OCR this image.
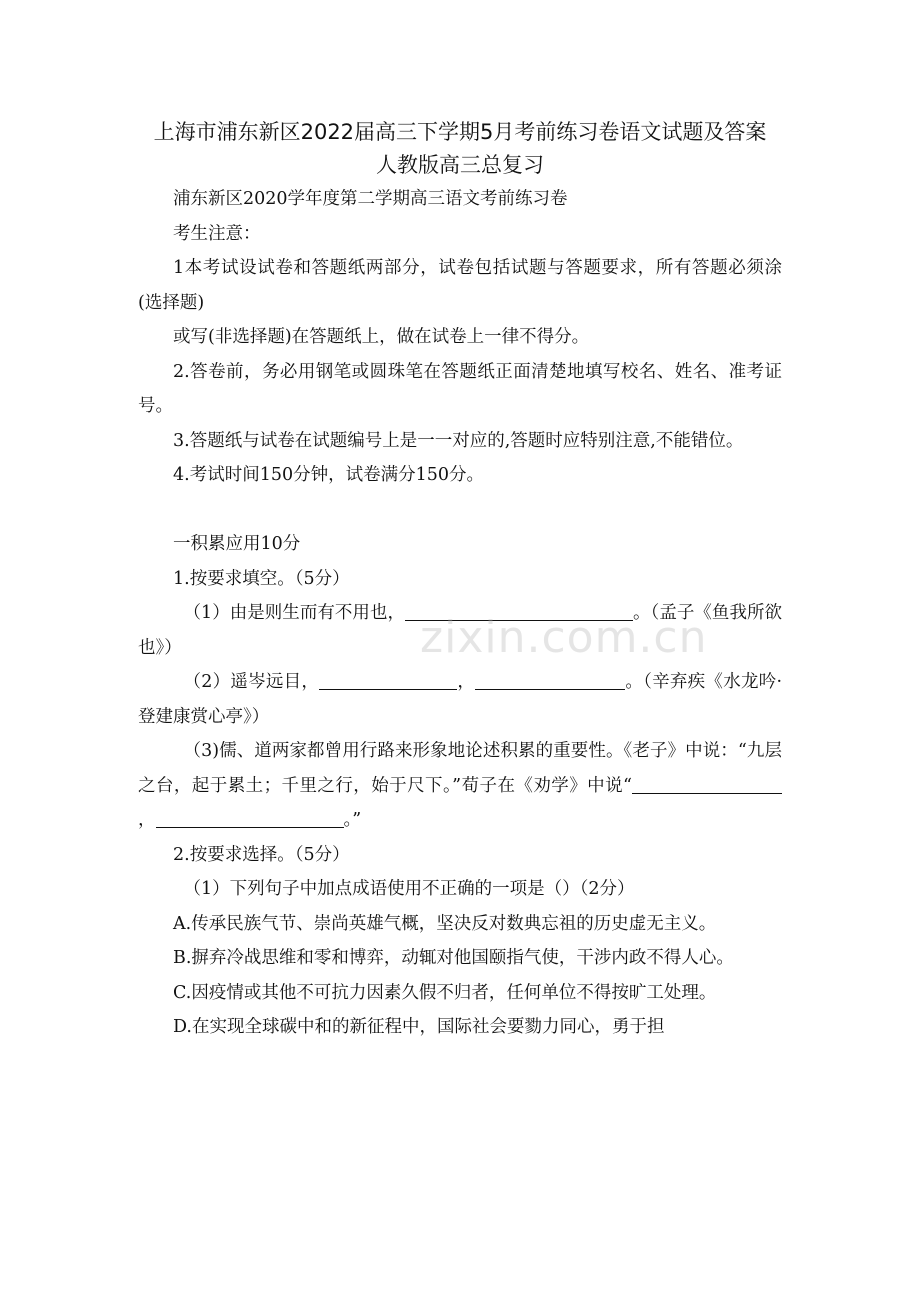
上海市浦东新区2022届高三下学期5月考前练习卷语文试题及答案　人教版高三总复习

浦东新区2020学年度第二学期高三语文考前练习卷

考生注意：

1本考试设试卷和答题纸两部分，试卷包括试题与答题要求，所有答题必须涂(选择题)

或写(非选择题)在答题纸上，做在试卷上一律不得分。

2.答卷前，务必用钢笔或圆珠笔在答题纸正面清楚地填写校名、姓名、准考证号。

3.答题纸与试卷在试题编号上是一一对应的,答题时应特别注意,不能错位。

4.考试时间150分钟，试卷满分150分。

一积累应用10分

1.按要求填空。（5分）

（1）由是则生而有不用也，	。（孟子《鱼我所欲也》）

（2）遥岑远目，	，	。（辛弃疾《水龙吟·登建康赏心亭》）

（3)儒、道两家都曾用行路来形象地论述积累的重要性。《老子》中说：“九层之台，起于累土；千里之行，始于尺下。”荀子在《劝学》中说“，	。”

2.按要求选择。（5分）

（1）下列句子中加点成语使用不正确的一项是（）（2分）

A.传承民族气节、崇尚英雄气概，坚决反对数典忘祖的历史虚无主义。

B.摒弃冷战思维和零和博弈，动辄对他国颐指气使，干涉内政不得人心。

C.因疫情或其他不可抗力因素久假不归者，任何单位不得按旷工处理。

D.在实现全球碳中和的新征程中，国际社会要勠力同心，勇于担

zixin.com.cn
